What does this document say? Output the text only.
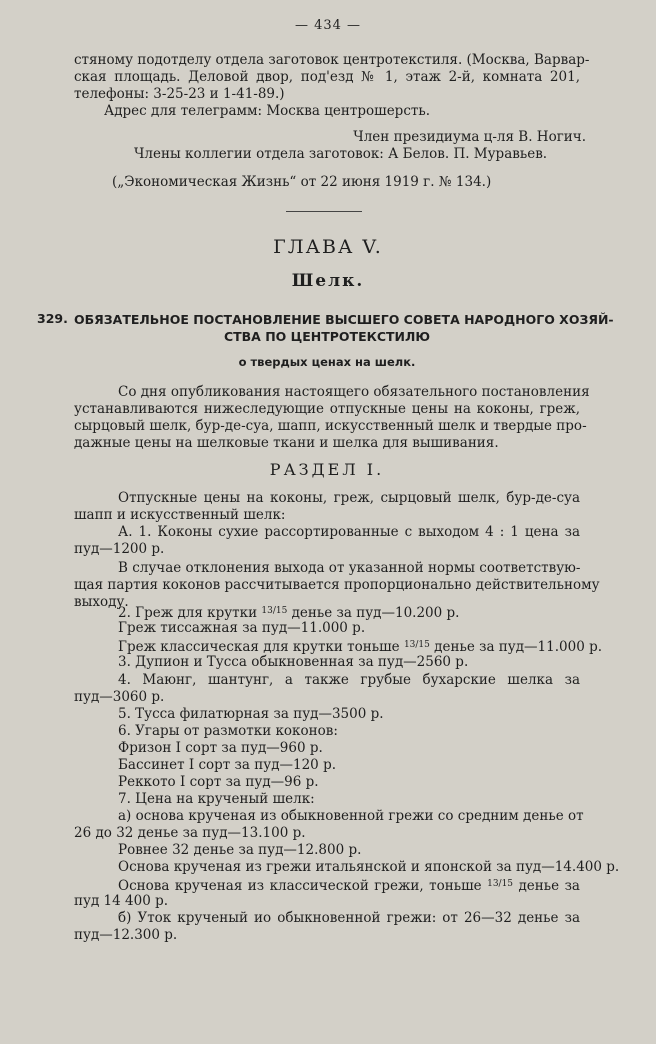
— 434 —
стяному подотделу отдела заготовок центротекстиля. (Москва, Варвар-
ская площадь. Деловой двор, под'езд № 1, этаж 2-й, комната 201,
телефоны: 3-25-23 и 1-41-89.)
Адрес для телеграмм: Москва центрошерсть.
Член президиума ц-ля В. Ногич.
Члены коллегии отдела заготовок: А Белов. П. Муравьев.
(„Экономическая Жизнь“ от 22 июня 1919 г. № 134.)
ГЛАВА V.
Шелк.
329. ОБЯЗАТЕЛЬНОЕ ПОСТАНОВЛЕНИЕ ВЫСШЕГО СОВЕТА НАРОДНОГО ХОЗЯЙ-
СТВА ПО ЦЕНТРОТЕКСТИЛЮ
о твердых ценах на шелк.
Со дня опубликования настоящего обязательного постановления
устанавливаются нижеследующие отпускные цены на коконы, греж,
сырцовый шелк, бур-де-суа, шапп, искусственный шелк и твердые про-
дажные цены на шелковые ткани и шелка для вышивания.
РАЗДЕЛ I.
Отпускные цены на коконы, греж, сырцовый шелк, бур-де-суа
шапп и искусственный шелк:
А. 1. Коконы сухие рассортированные с выходом 4 : 1 цена за
пуд—1200 р.
В случае отклонения выхода от указанной нормы соответствую-
щая партия коконов рассчитывается пропорционально действительному
выходу.
2. Греж для крутки $^{13/15}$ деньe за пуд—10.200 р.
Греж тиссажная за пуд—11.000 р.
Греж классическая для крутки тоньше $^{13/15}$ денье за пуд—11.000 р.
3. Дупион и Тусса обыкновенная за пуд—2560 р.
4. Маюнг, шантунг, а также грубые бухарские шелка за
пуд—3060 р.
5. Тусса филатюрная за пуд—3500 р.
6. Угары от размотки коконов:
Фризон I сорт за пуд—960 р.
Бассинет I сорт за пуд—120 р.
Реккото I сорт за пуд—96 р.
7. Цена на крученый шелк:
а) основа крученая из обыкновенной грежи со средним денье от
26 до 32 денье за пуд—13.100 р.
Ровнее 32 денье за пуд—12.800 р.
Основа крученая из грежи итальянской и японской за пуд—14.400 р.
Основа крученая из классической грежи, тоньше $^{13/15}$ денье за
пуд 14 400 р.
б) Уток крученый ио обыкновенной грежи: от 26—32 денье за
пуд—12.300 р.
